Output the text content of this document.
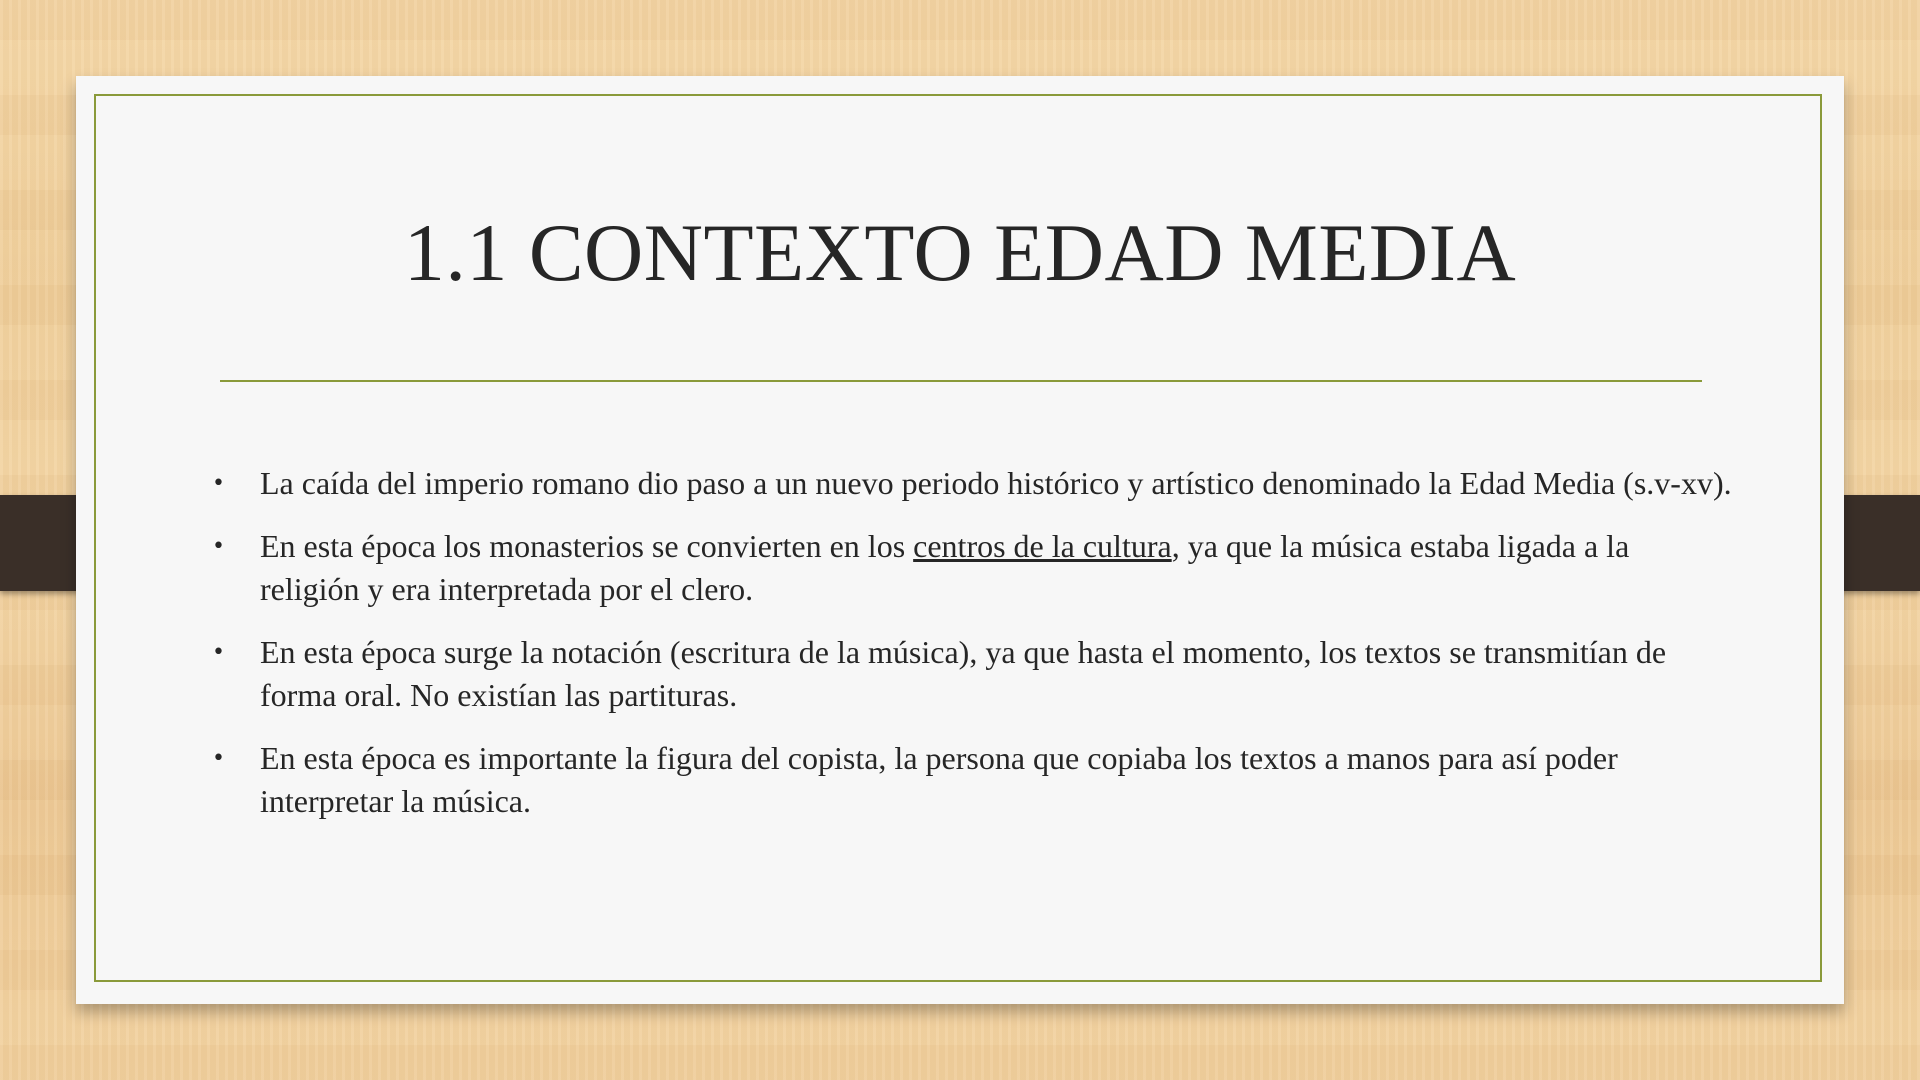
1.1 CONTEXTO EDAD MEDIA
• La caída del imperio romano dio paso a un nuevo periodo histórico y artístico denominado la Edad Media (s.v-xv).
• En esta época los monasterios se convierten en los centros de la cultura, ya que la música estaba ligada a la religión y era interpretada por el clero.
• En esta época surge la notación (escritura de la música), ya que hasta el momento, los textos se transmitían de forma oral. No existían las partituras.
• En esta época es importante la figura del copista, la persona que copiaba los textos a manos para así poder interpretar la música.
